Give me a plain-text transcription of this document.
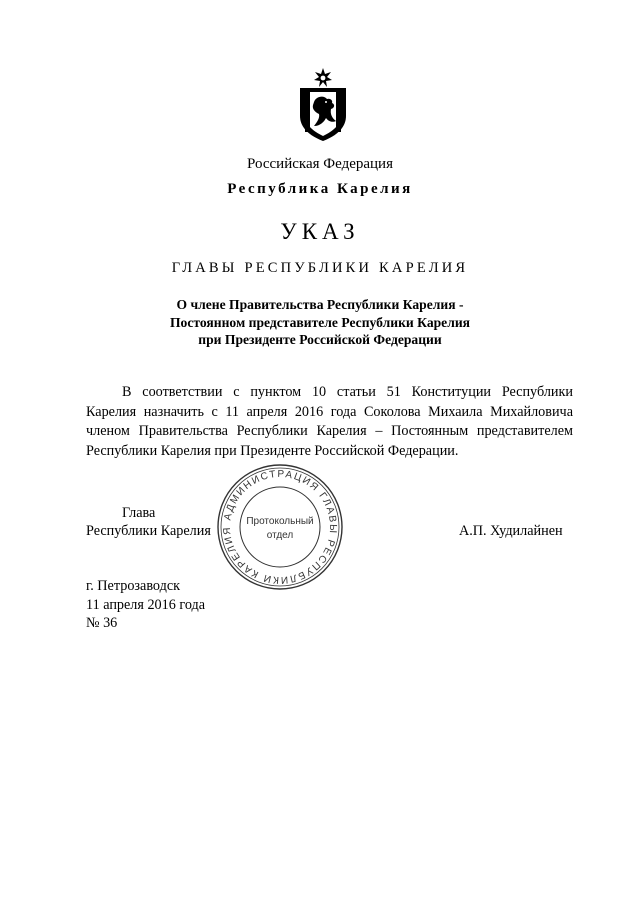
Российская Федерация
Республика Карелия
УКАЗ
ГЛАВЫ РЕСПУБЛИКИ КАРЕЛИЯ
О члене Правительства Республики Карелия -
Постоянном представителе Республики Карелия
при Президенте Российской Федерации
В соответствии с пунктом 10 статьи 51 Конституции Республики
Карелия назначить с 11 апреля 2016 года Соколова Михаила Михайловича
членом Правительства Республики Карелия – Постоянным представителем
Республики Карелия при Президенте Российской Федерации.
Глава
Республики Карелия	А.П. Худилайнен
АДМИНИСТРАЦИЯ ГЛАВЫ РЕСПУБЛИКИ КАРЕЛИЯ
Протокольный
отдел
г. Петрозаводск
11 апреля 2016 года
№ 36
